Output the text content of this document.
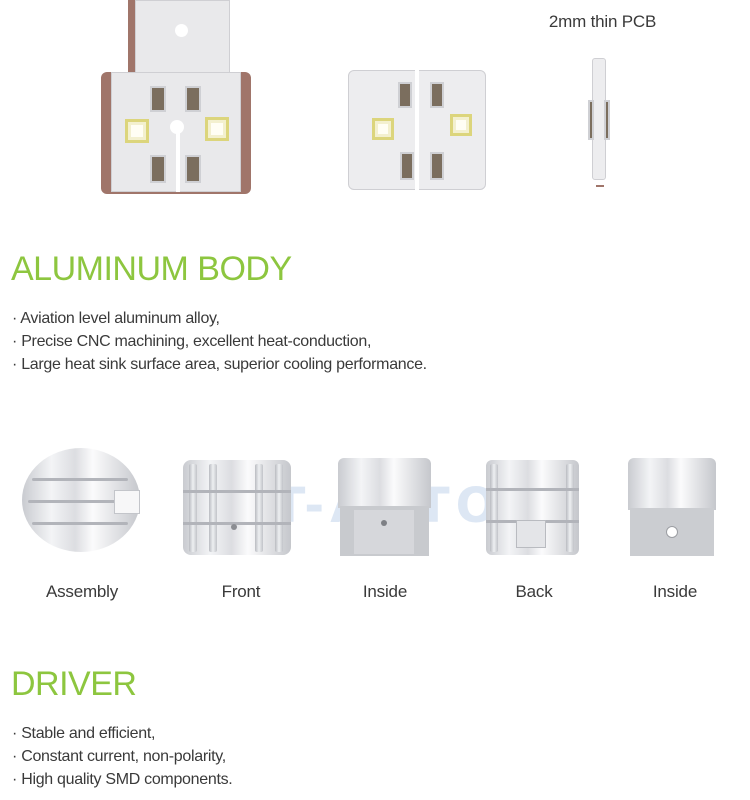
2mm thin PCB
ALUMINUM BODY
· Aviation level aluminum alloy,
· Precise CNC machining, excellent heat-conduction,
· Large heat sink surface area, superior cooling performance.
Assembly	Front	Inside	Back	Inside
DRIVER
· Stable and efficient,
· Constant current, non-polarity,
· High quality SMD components.
